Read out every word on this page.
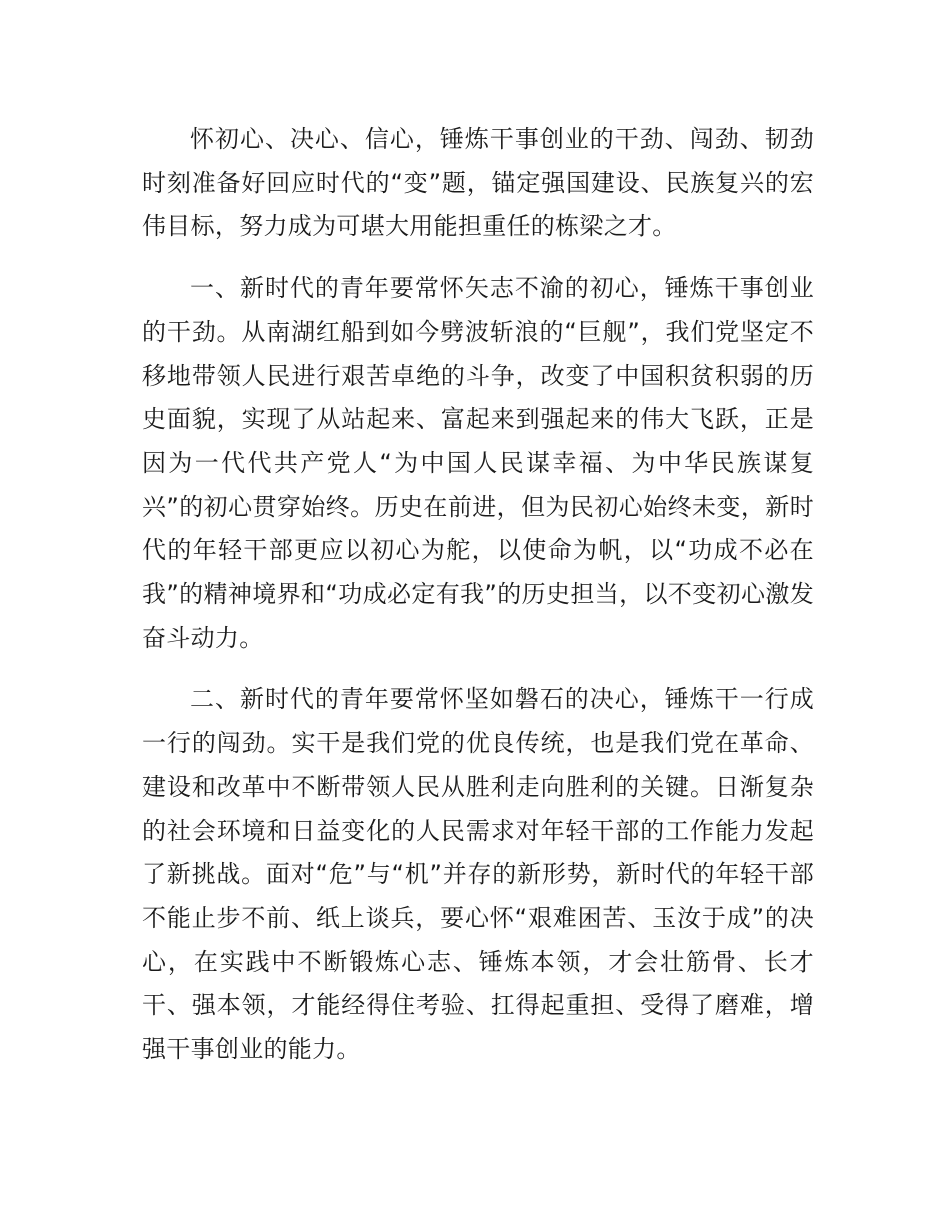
怀初心、决心、信心，锤炼干事创业的干劲、闯劲、韧劲时刻准备好回应时代的“变”题，锚定强国建设、民族复兴的宏伟目标，努力成为可堪大用能担重任的栋梁之才。

一、新时代的青年要常怀矢志不渝的初心，锤炼干事创业的干劲。从南湖红船到如今劈波斩浪的“巨舰”，我们党坚定不移地带领人民进行艰苦卓绝的斗争，改变了中国积贫积弱的历史面貌，实现了从站起来、富起来到强起来的伟大飞跃，正是因为一代代共产党人“为中国人民谋幸福、为中华民族谋复兴”的初心贯穿始终。历史在前进，但为民初心始终未变，新时代的年轻干部更应以初心为舵，以使命为帆，以“功成不必在我”的精神境界和“功成必定有我”的历史担当，以不变初心激发奋斗动力。

二、新时代的青年要常怀坚如磐石的决心，锤炼干一行成一行的闯劲。实干是我们党的优良传统，也是我们党在革命、建设和改革中不断带领人民从胜利走向胜利的关键。日渐复杂的社会环境和日益变化的人民需求对年轻干部的工作能力发起了新挑战。面对“危”与“机”并存的新形势，新时代的年轻干部不能止步不前、纸上谈兵，要心怀“艰难困苦、玉汝于成”的决心，在实践中不断锻炼心志、锤炼本领，才会壮筋骨、长才干、强本领，才能经得住考验、扛得起重担、受得了磨难，增强干事创业的能力。
